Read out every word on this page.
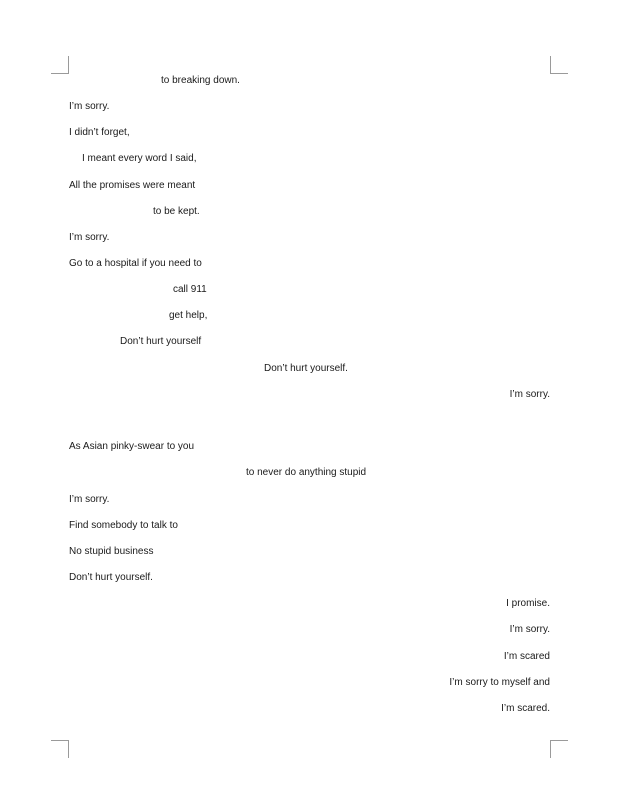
to breaking down.
I’m sorry.
I didn’t forget,
I meant every word I said,
All the promises were meant
to be kept.
I’m sorry.
Go to a hospital if you need to
call 911
get help,
Don’t hurt yourself
Don’t hurt yourself.
I’m sorry.
As Asian pinky-swear to you
to never do anything stupid
I’m sorry.
Find somebody to talk to
No stupid business
Don’t hurt yourself.
I promise.
I’m sorry.
I’m scared
I’m sorry to myself and
I’m scared.
